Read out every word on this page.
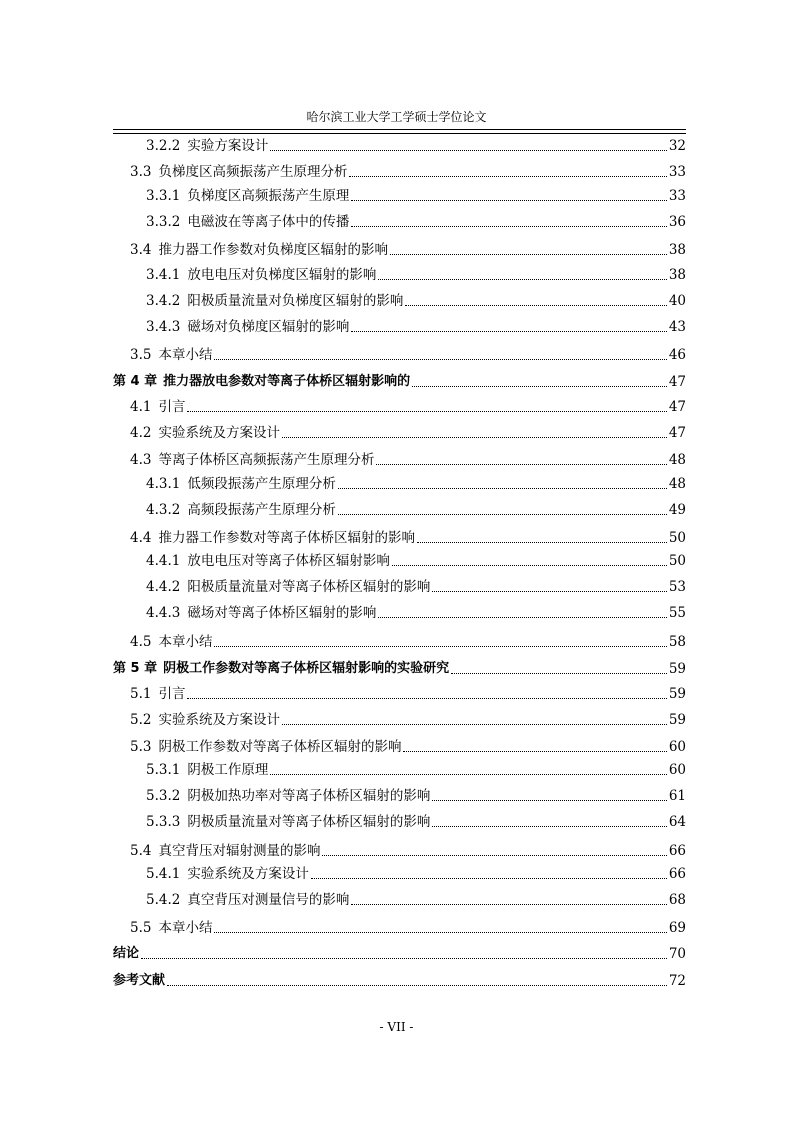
哈尔滨工业大学工学硕士学位论文
3.2.2 实验方案设计	32
3.3 负梯度区高频振荡产生原理分析	33
3.3.1 负梯度区高频振荡产生原理	33
3.3.2 电磁波在等离子体中的传播	36
3.4 推力器工作参数对负梯度区辐射的影响	38
3.4.1 放电电压对负梯度区辐射的影响	38
3.4.2 阳极质量流量对负梯度区辐射的影响	40
3.4.3 磁场对负梯度区辐射的影响	43
3.5 本章小结	46
第 4 章 推力器放电参数对等离子体桥区辐射影响的	47
4.1 引言	47
4.2 实验系统及方案设计	47
4.3 等离子体桥区高频振荡产生原理分析	48
4.3.1 低频段振荡产生原理分析	48
4.3.2 高频段振荡产生原理分析	49
4.4 推力器工作参数对等离子体桥区辐射的影响	50
4.4.1 放电电压对等离子体桥区辐射影响	50
4.4.2 阳极质量流量对等离子体桥区辐射的影响	53
4.4.3 磁场对等离子体桥区辐射的影响	55
4.5 本章小结	58
第 5 章 阴极工作参数对等离子体桥区辐射影响的实验研究	59
5.1 引言	59
5.2 实验系统及方案设计	59
5.3 阴极工作参数对等离子体桥区辐射的影响	60
5.3.1 阴极工作原理	60
5.3.2 阴极加热功率对等离子体桥区辐射的影响	61
5.3.3 阴极质量流量对等离子体桥区辐射的影响	64
5.4 真空背压对辐射测量的影响	66
5.4.1 实验系统及方案设计	66
5.4.2 真空背压对测量信号的影响	68
5.5 本章小结	69
结论	70
参考文献	72
- VII -
